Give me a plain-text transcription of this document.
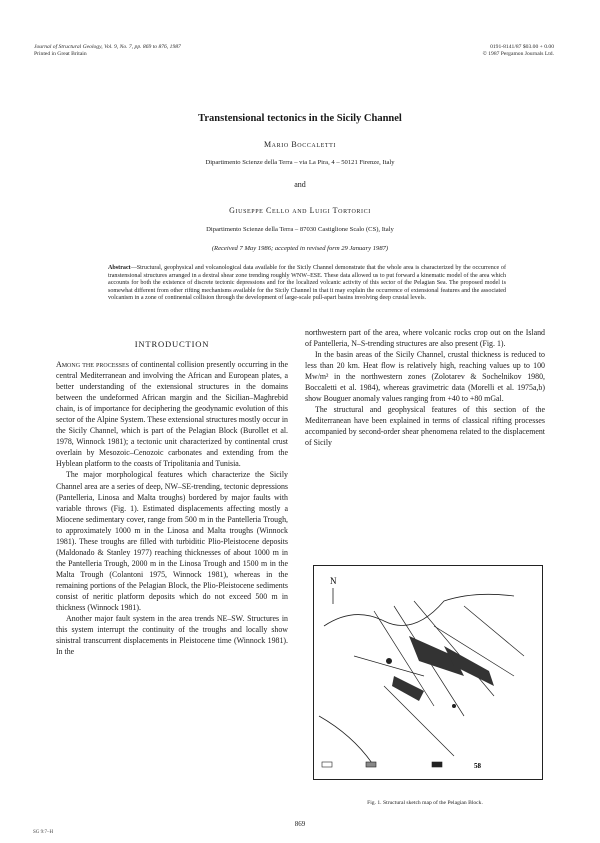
Journal of Structural Geology, Vol. 9, No. 7, pp. 869 to 876, 1987
Printed in Great Britain
0191-8141/87 $03.00 + 0.00
© 1987 Pergamon Journals Ltd.
Transtensional tectonics in the Sicily Channel
Mario Boccaletti
Dipartimento Scienze della Terra – via La Pira, 4 – 50121 Firenze, Italy
and
Giuseppe Cello and Luigi Tortorici
Dipartimento Scienze della Terra – 87030 Castiglione Scalo (CS), Italy
(Received 7 May 1986; accepted in revised form 29 January 1987)
Abstract—Structural, geophysical and volcanological data available for the Sicily Channel demonstrate that the whole area is characterized by the occurrence of transtensional structures arranged in a dextral shear zone trending roughly WNW–ESE. These data allowed us to put forward a kinematic model of the area which accounts for both the existence of discrete tectonic depressions and for the localized volcanic activity of this sector of the Pelagian Sea. The proposed model is somewhat different from other rifting mechanisms available for the Sicily Channel in that it may explain the occurrence of extensional features and the associated volcanism in a zone of continental collision through the development of large-scale pull-apart basins involving deep crustal levels.
INTRODUCTION

Among the processes of continental collision presently occurring in the central Mediterranean and involving the African and European plates, a better understanding of the extensional structures in the domains between the undeformed African margin and the Sicilian–Maghrebid chain, is of importance for deciphering the geodynamic evolution of this sector of the Alpine System. These extensional structures mostly occur in the Sicily Channel, which is part of the Pelagian Block (Burollet et al. 1978, Winnock 1981); a tectonic unit characterized by continental crust overlain by Mesozoic–Cenozoic carbonates and extending from the Hyblean platform to the coasts of Tripolitania and Tunisia.

The major morphological features which characterize the Sicily Channel area are a series of deep, NW–SE-trending, tectonic depressions (Pantelleria, Linosa and Malta troughs) bordered by major faults with variable throws (Fig. 1). Estimated displacements affecting mostly a Miocene sedimentary cover, range from 500 m in the Pantelleria Trough, to approximately 1000 m in the Linosa and Malta troughs (Winnock 1981). These troughs are filled with turbiditic Plio-Pleistocene deposits (Maldonado & Stanley 1977) reaching thicknesses of about 1000 m in the Pantelleria Trough, 2000 m in the Linosa Trough and 1500 m in the Malta Trough (Colantoni 1975, Winnock 1981), whereas in the remaining portions of the Pelagian Block, the Plio-Pleistocene sediments consist of neritic platform deposits which do not exceed 500 m in thickness (Winnock 1981).

Another major fault system in the area trends NE–SW. Structures in this system interrupt the continuity of the troughs and locally show sinistral transcurrent displacements in Pleistocene time (Winnock 1981). In the

northwestern part of the area, where volcanic rocks crop out on the Island of Pantelleria, N–S-trending structures are also present (Fig. 1).

In the basin areas of the Sicily Channel, crustal thickness is reduced to less than 20 km. Heat flow is relatively high, reaching values up to 100 Mw/m² in the northwestern zones (Zolotarev & Sochelnikov 1980, Boccaletti et al. 1984), whereas gravimetric data (Morelli et al. 1975a,b) show Bouguer anomaly values ranging from +40 to +80 mGal.

The structural and geophysical features of this section of the Mediterranean have been explained in terms of classical rifting processes accompanied by second-order shear phenomena related to the displacement of Sicily

N
58
Fig. 1. Structural sketch map of the Pelagian Block.
869
SG 9:7–H
